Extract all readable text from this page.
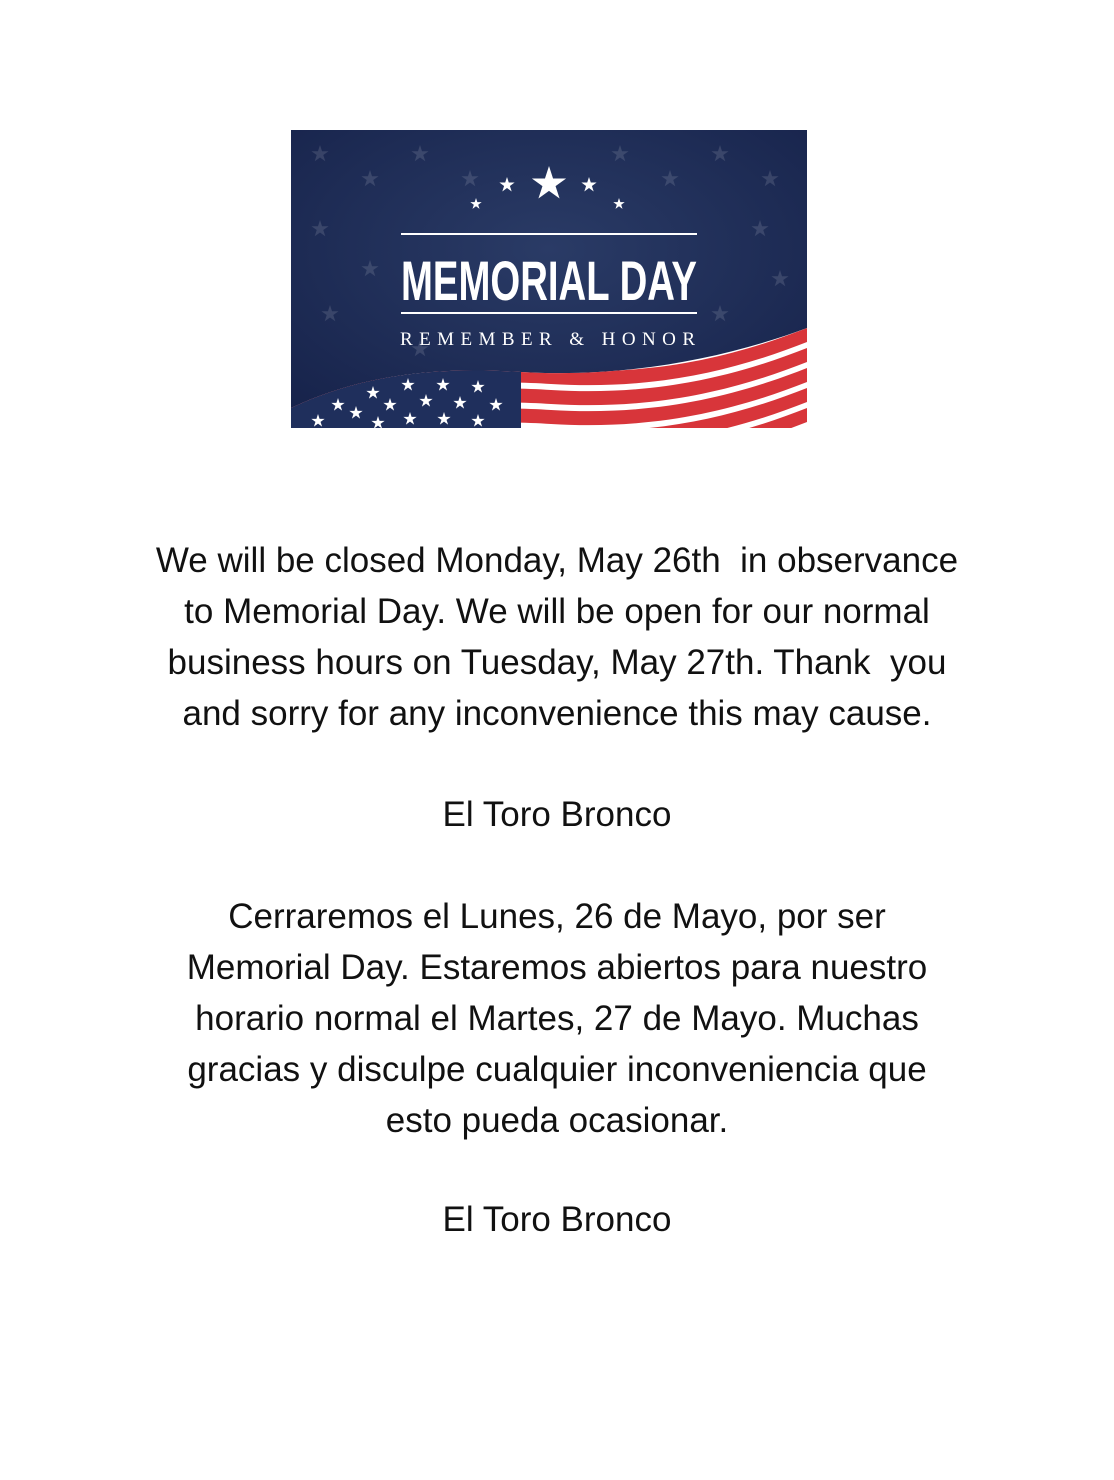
MEMORIAL DAY
REMEMBER & HONOR

We will be closed Monday, May 26th  in observance
to Memorial Day. We will be open for our normal
business hours on Tuesday, May 27th. Thank  you
and sorry for any inconvenience this may cause.

El Toro Bronco

Cerraremos el Lunes, 26 de Mayo, por ser
Memorial Day. Estaremos abiertos para nuestro
horario normal el Martes, 27 de Mayo. Muchas
gracias y disculpe cualquier inconveniencia que
esto pueda ocasionar.

El Toro Bronco
